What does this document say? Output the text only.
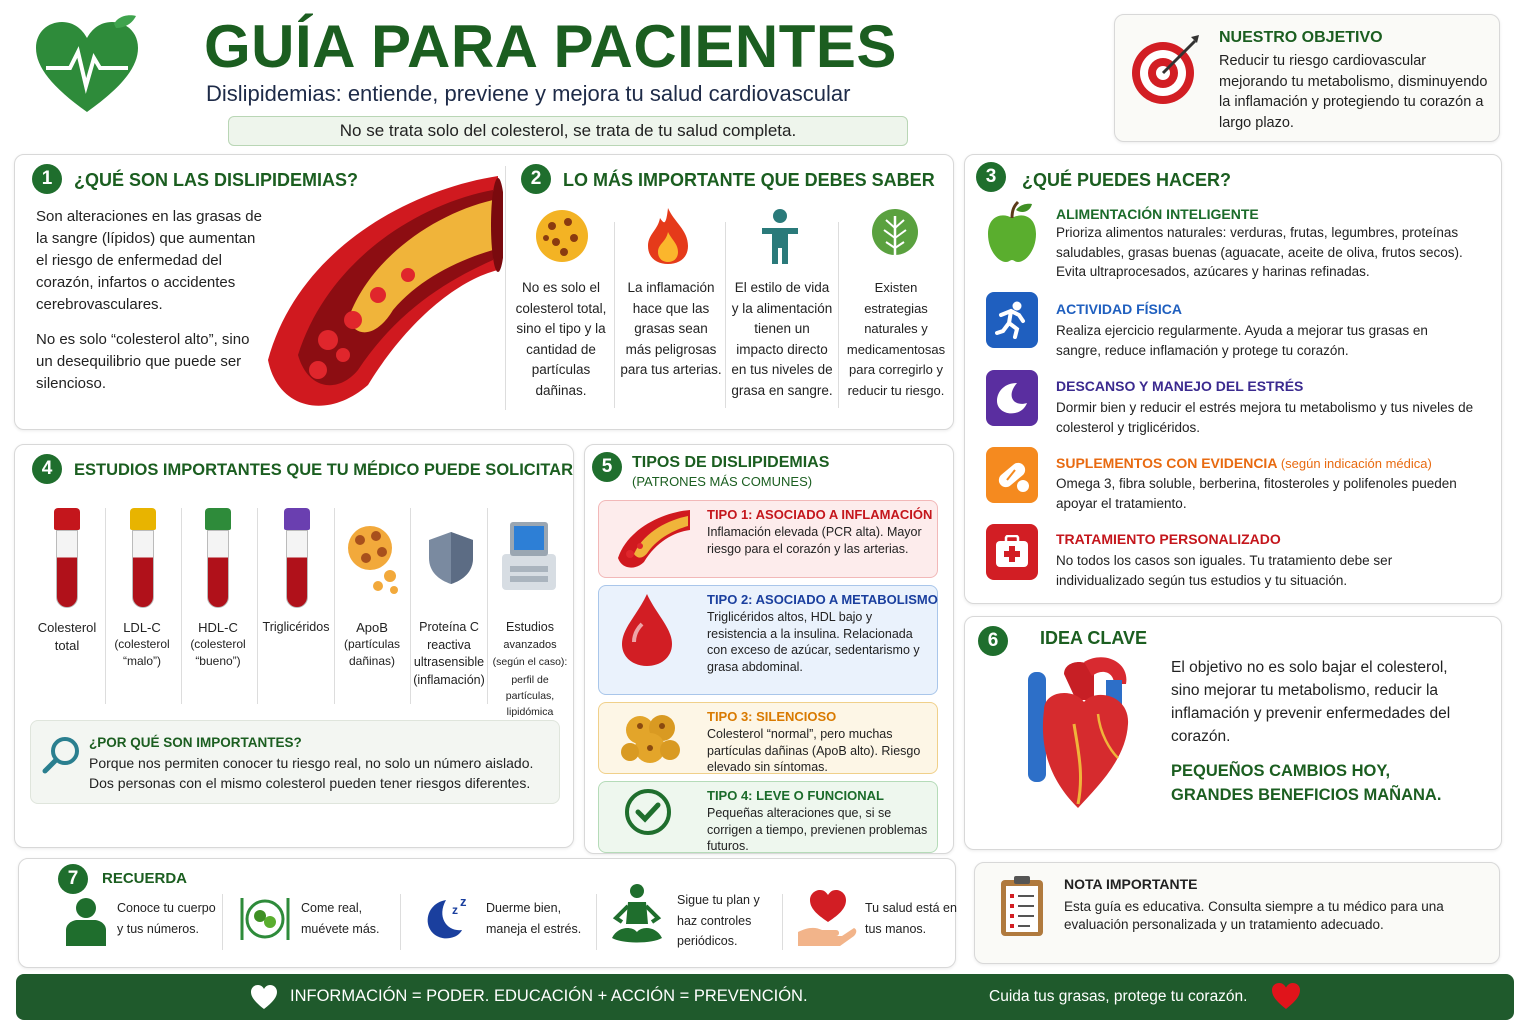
GUÍA PARA PACIENTES
Dislipidemias: entiende, previene y mejora tu salud cardiovascular
No se trata solo del colesterol, se trata de tu salud completa.
NUESTRO OBJETIVO
Reducir tu riesgo cardiovascular mejorando tu metabolismo, disminuyendo la inflamación y protegiendo tu corazón a largo plazo.
1	¿QUÉ SON LAS DISLIPIDEMIAS?
Son alteraciones en las grasas de la sangre (lípidos) que aumentan el riesgo de enfermedad del corazón, infartos o accidentes cerebrovasculares.
No es solo “colesterol alto”, sino un desequilibrio que puede ser silencioso.
2	LO MÁS IMPORTANTE QUE DEBES SABER
No es solo el colesterol total, sino el tipo y la cantidad de partículas dañinas.
La inflamación hace que las grasas sean más peligrosas para tus arterias.
El estilo de vida y la alimentación tienen un impacto directo en tus niveles de grasa en sangre.
Existen estrategias naturales y medicamentosas para corregirlo y reducir tu riesgo.
3	¿QUÉ PUEDES HACER?
ALIMENTACIÓN INTELIGENTE
Prioriza alimentos naturales: verduras, frutas, legumbres, proteínas saludables, grasas buenas (aguacate, aceite de oliva, frutos secos). Evita ultraprocesados, azúcares y harinas refinadas.
ACTIVIDAD FÍSICA
Realiza ejercicio regularmente. Ayuda a mejorar tus grasas en sangre, reduce inflamación y protege tu corazón.
DESCANSO Y MANEJO DEL ESTRÉS
Dormir bien y reducir el estrés mejora tu metabolismo y tus niveles de colesterol y triglicéridos.
SUPLEMENTOS CON EVIDENCIA (según indicación médica)
Omega 3, fibra soluble, berberina, fitosteroles y polifenoles pueden apoyar el tratamiento.
TRATAMIENTO PERSONALIZADO
No todos los casos son iguales. Tu tratamiento debe ser individualizado según tus estudios y tu situación.
4	ESTUDIOS IMPORTANTES QUE TU MÉDICO PUEDE SOLICITAR
Colesterol
total
LDL-C
(colesterol
“malo”)
HDL-C
(colesterol
“bueno”)
Triglicéridos	ApoB
(partículas
dañinas)
Proteína C
reactiva
ultrasensible
(inflamación)
Estudios
avanzados
(según el caso):
perfil de partículas, lipidómica
¿POR QUÉ SON IMPORTANTES?
Porque nos permiten conocer tu riesgo real, no solo un número aislado.
Dos personas con el mismo colesterol pueden tener riesgos diferentes.
5	TIPOS DE DISLIPIDEMIAS
(PATRONES MÁS COMUNES)
TIPO 1: ASOCIADO A INFLAMACIÓN
Inflamación elevada (PCR alta). Mayor riesgo para el corazón y las arterias.
TIPO 2: ASOCIADO A METABOLISMO
Triglicéridos altos, HDL bajo y resistencia a la insulina. Relacionada con exceso de azúcar, sedentarismo y grasa abdominal.
TIPO 3: SILENCIOSO
Colesterol “normal”, pero muchas partículas dañinas (ApoB alto). Riesgo elevado sin síntomas.
TIPO 4: LEVE O FUNCIONAL
Pequeñas alteraciones que, si se corrigen a tiempo, previenen problemas futuros.
6	IDEA CLAVE
El objetivo no es solo bajar el colesterol, sino mejorar tu metabolismo, reducir la inflamación y prevenir enfermedades del corazón.
PEQUEÑOS CAMBIOS HOY,
GRANDES BENEFICIOS MAÑANA.
7	RECUERDA
Conoce tu cuerpo
y tus números.
Come real,
muévete más.
z
z Duerme bien,
maneja el estrés.
Sigue tu plan y
haz controles
periódicos.
Tu salud está en
tus manos.
NOTA IMPORTANTE
Esta guía es educativa. Consulta siempre a tu médico para una evaluación personalizada y un tratamiento adecuado.
INFORMACIÓN = PODER. EDUCACIÓN + ACCIÓN = PREVENCIÓN.	Cuida tus grasas, protege tu corazón.
